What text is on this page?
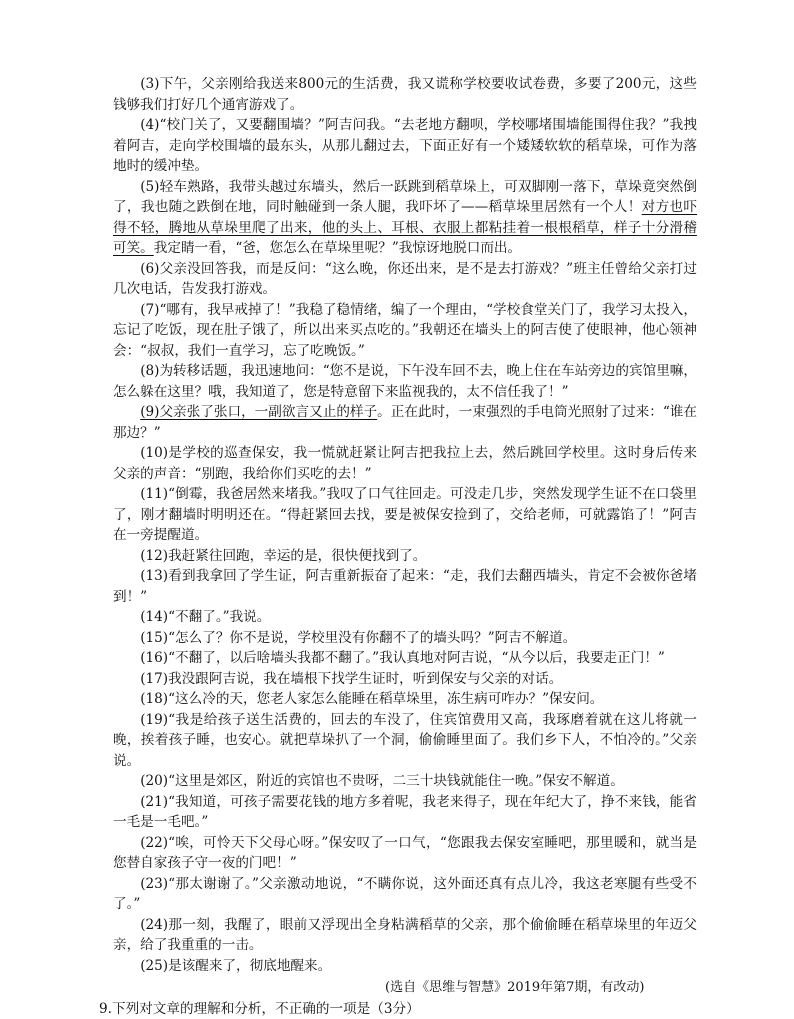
(3)下午，父亲刚给我送来800元的生活费，我又谎称学校要收试卷费，多要了200元，这些钱够我们打好几个通宵游戏了。

(4)“校门关了，又要翻围墙？”阿吉问我。“去老地方翻呗，学校哪堵围墙能围得住我？”我拽着阿吉，走向学校围墙的最东头，从那儿翻过去，下面正好有一个矮矮软软的稻草垛，可作为落地时的缓冲垫。

(5)轻车熟路，我带头越过东墙头，然后一跃跳到稻草垛上，可双脚刚一落下，草垛竟突然倒了，我也随之跌倒在地，同时触碰到一条人腿，我吓坏了——稻草垛里居然有一个人！对方也吓得不轻，腾地从草垛里爬了出来，他的头上、耳根、衣服上都粘挂着一根根稻草，样子十分滑稽可笑。我定睛一看，“爸，您怎么在草垛里呢？”我惊讶地脱口而出。

(6)父亲没回答我，而是反问：“这么晚，你还出来，是不是去打游戏？”班主任曾给父亲打过几次电话，告发我打游戏。

(7)“哪有，我早戒掉了！”我稳了稳情绪，编了一个理由，“学校食堂关门了，我学习太投入，忘记了吃饭，现在肚子饿了，所以出来买点吃的。”我朝还在墙头上的阿吉使了使眼神，他心领神会：“叔叔，我们一直学习，忘了吃晚饭。”

(8)为转移话题，我迅速地问：“您不是说，下午没车回不去，晚上住在车站旁边的宾馆里嘛，怎么躲在这里？哦，我知道了，您是特意留下来监视我的，太不信任我了！”

(9)父亲张了张口，一副欲言又止的样子。正在此时，一束强烈的手电筒光照射了过来：“谁在那边？”

(10)是学校的巡查保安，我一慌就赶紧让阿吉把我拉上去，然后跳回学校里。这时身后传来父亲的声音：“别跑，我给你们买吃的去！”

(11)“倒霉，我爸居然来堵我。”我叹了口气往回走。可没走几步，突然发现学生证不在口袋里了，刚才翻墙时明明还在。“得赶紧回去找，要是被保安捡到了，交给老师，可就露馅了！”阿吉在一旁提醒道。

(12)我赶紧往回跑，幸运的是，很快便找到了。

(13)看到我拿回了学生证，阿吉重新振奋了起来：“走，我们去翻西墙头，肯定不会被你爸堵到！”

(14)“不翻了。”我说。

(15)“怎么了？你不是说，学校里没有你翻不了的墙头吗？”阿吉不解道。

(16)“不翻了，以后啥墙头我都不翻了。”我认真地对阿吉说，“从今以后，我要走正门！”

(17)我没跟阿吉说，我在墙根下找学生证时，听到保安与父亲的对话。

(18)“这么冷的天，您老人家怎么能睡在稻草垛里，冻生病可咋办？”保安问。

(19)“我是给孩子送生活费的，回去的车没了，住宾馆费用又高，我琢磨着就在这儿将就一晚，挨着孩子睡，也安心。就把草垛扒了一个洞，偷偷睡里面了。我们乡下人，不怕冷的。”父亲说。

(20)“这里是郊区，附近的宾馆也不贵呀，二三十块钱就能住一晚。”保安不解道。

(21)“我知道，可孩子需要花钱的地方多着呢，我老来得子，现在年纪大了，挣不来钱，能省一毛是一毛吧。”

(22)“唉，可怜天下父母心呀。”保安叹了一口气，“您跟我去保安室睡吧，那里暖和，就当是您替自家孩子守一夜的门吧！”

(23)“那太谢谢了。”父亲激动地说，“不瞒你说，这外面还真有点儿冷，我这老寒腿有些受不了。”

(24)那一刻，我醒了，眼前又浮现出全身粘满稻草的父亲，那个偷偷睡在稻草垛里的年迈父亲，给了我重重的一击。

(25)是该醒来了，彻底地醒来。

(选自《思维与智慧》2019年第7期，有改动)

9.下列对文章的理解和分析，不正确的一项是（3分）
